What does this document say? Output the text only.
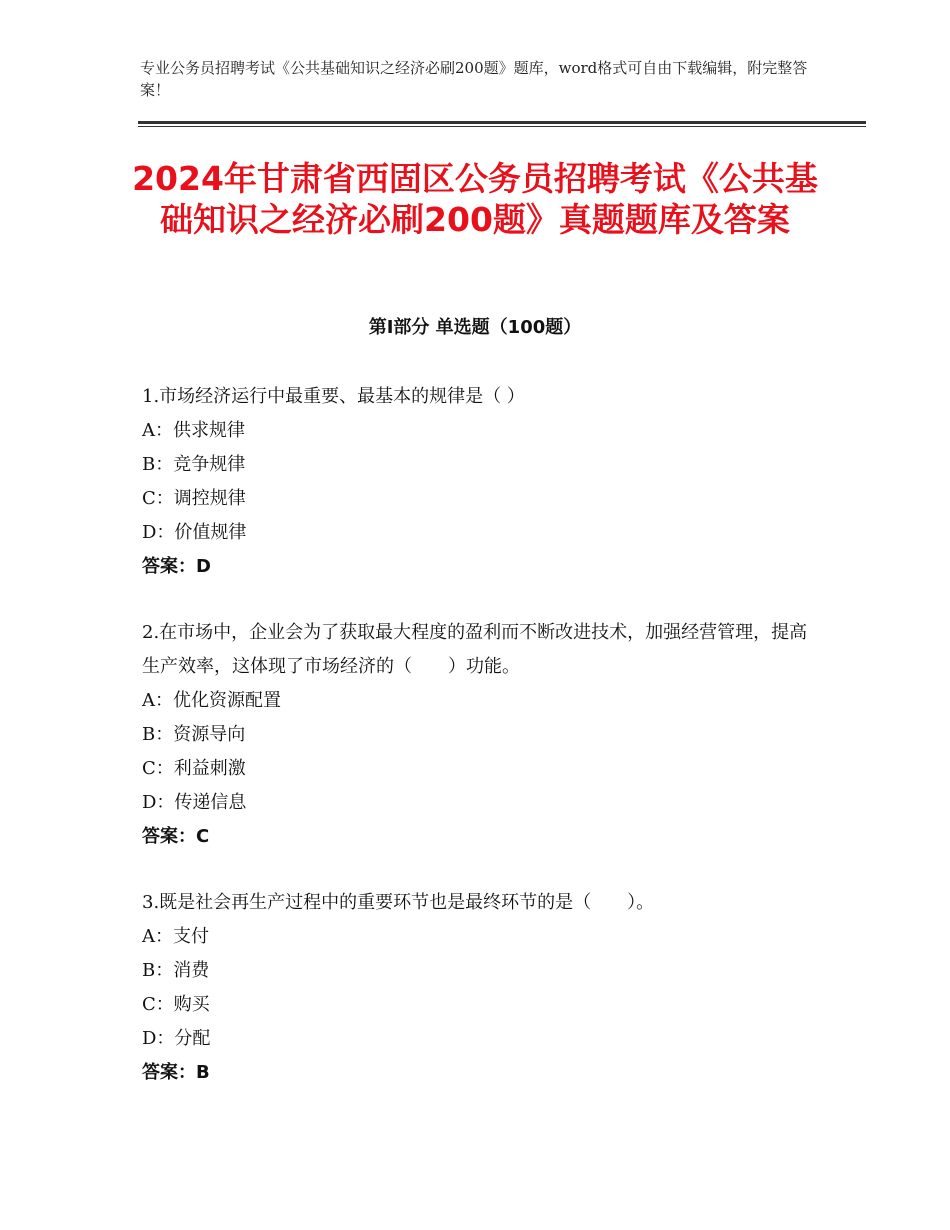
专业公务员招聘考试《公共基础知识之经济必刷200题》题库，word格式可自由下载编辑，附完整答案！
2024年甘肃省西固区公务员招聘考试《公共基础知识之经济必刷200题》真题题库及答案
第Ⅰ部分 单选题（100题）
1.市场经济运行中最重要、最基本的规律是（ ）
A：供求规律
B：竞争规律
C：调控规律
D：价值规律
答案：D
2.在市场中，企业会为了获取最大程度的盈利而不断改进技术，加强经营管理，提高生产效率，这体现了市场经济的（　　）功能。
A：优化资源配置
B：资源导向
C：利益刺激
D：传递信息
答案：C
3.既是社会再生产过程中的重要环节也是最终环节的是（　　）。
A：支付
B：消费
C：购买
D：分配
答案：B
